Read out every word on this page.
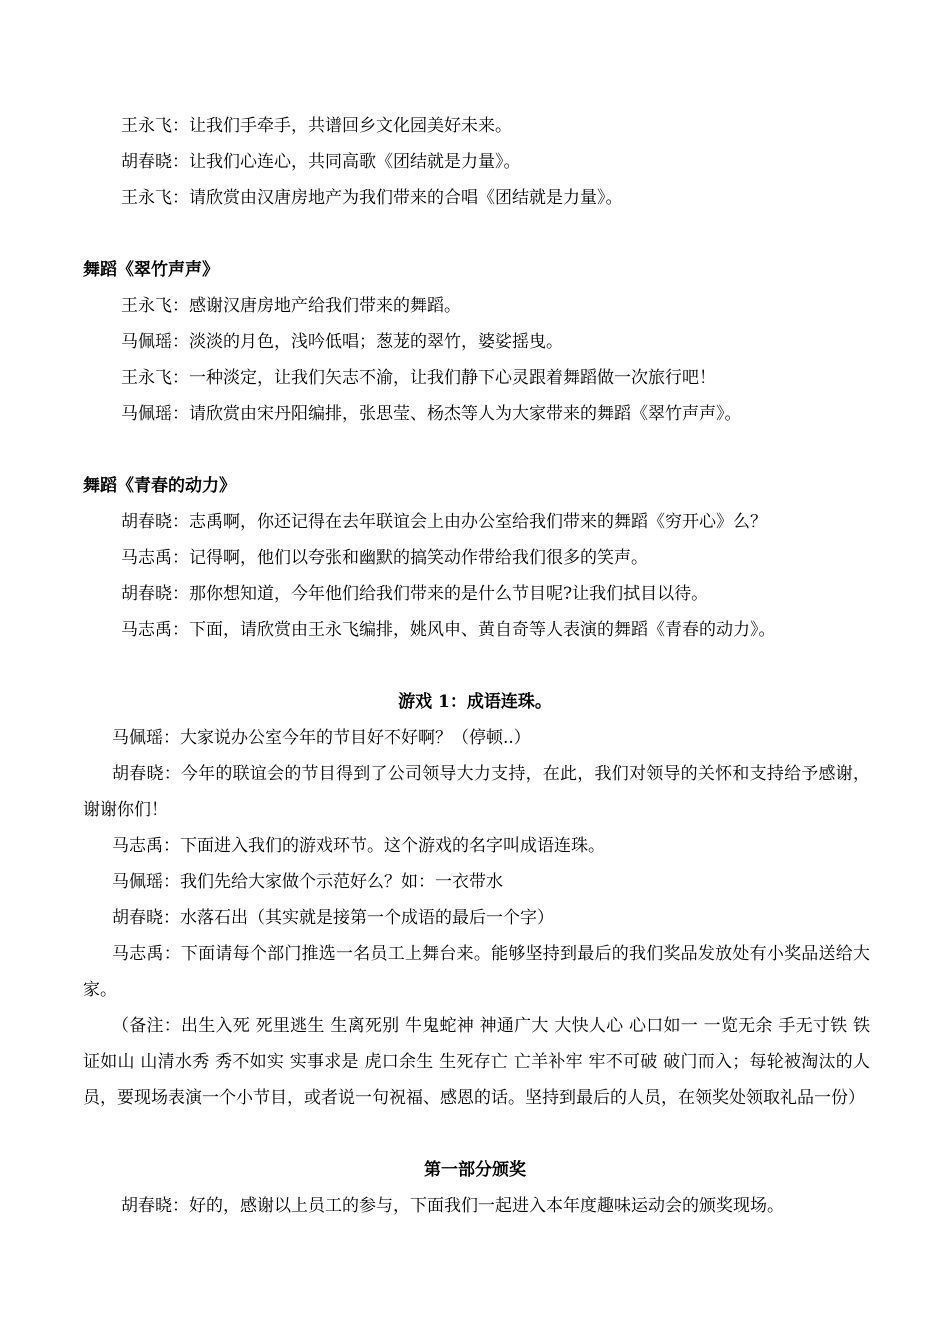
王永飞：让我们手牵手，共谱回乡文化园美好未来。
胡春晓：让我们心连心，共同高歌《团结就是力量》。
王永飞：请欣赏由汉唐房地产为我们带来的合唱《团结就是力量》。
舞蹈《翠竹声声》
王永飞：感谢汉唐房地产给我们带来的舞蹈。
马佩瑶：淡淡的月色，浅吟低唱；葱茏的翠竹，婆娑摇曳。
王永飞：一种淡定，让我们矢志不渝，让我们静下心灵跟着舞蹈做一次旅行吧！
马佩瑶：请欣赏由宋丹阳编排，张思莹、杨杰等人为大家带来的舞蹈《翠竹声声》。
舞蹈《青春的动力》
胡春晓：志禹啊，你还记得在去年联谊会上由办公室给我们带来的舞蹈《穷开心》么？
马志禹：记得啊，他们以夸张和幽默的搞笑动作带给我们很多的笑声。
胡春晓：那你想知道，今年他们给我们带来的是什么节目呢?让我们拭目以待。
马志禹：下面，请欣赏由王永飞编排，姚风申、黄自奇等人表演的舞蹈《青春的动力》。
游戏 1：成语连珠。
马佩瑶：大家说办公室今年的节目好不好啊？（停顿..）
胡春晓：今年的联谊会的节目得到了公司领导大力支持，在此，我们对领导的关怀和支持给予感谢，谢谢你们！
马志禹：下面进入我们的游戏环节。这个游戏的名字叫成语连珠。
马佩瑶：我们先给大家做个示范好么？如：一衣带水
胡春晓：水落石出（其实就是接第一个成语的最后一个字）
马志禹：下面请每个部门推选一名员工上舞台来。能够坚持到最后的我们奖品发放处有小奖品送给大家。
（备注：出生入死 死里逃生 生离死别 牛鬼蛇神 神通广大 大快人心 心口如一 一览无余 手无寸铁 铁证如山 山清水秀 秀不如实 实事求是 虎口余生 生死存亡 亡羊补牢 牢不可破 破门而入；每轮被淘汰的人员，要现场表演一个小节目，或者说一句祝福、感恩的话。坚持到最后的人员，在领奖处领取礼品一份）
第一部分颁奖
胡春晓：好的，感谢以上员工的参与，下面我们一起进入本年度趣味运动会的颁奖现场。
